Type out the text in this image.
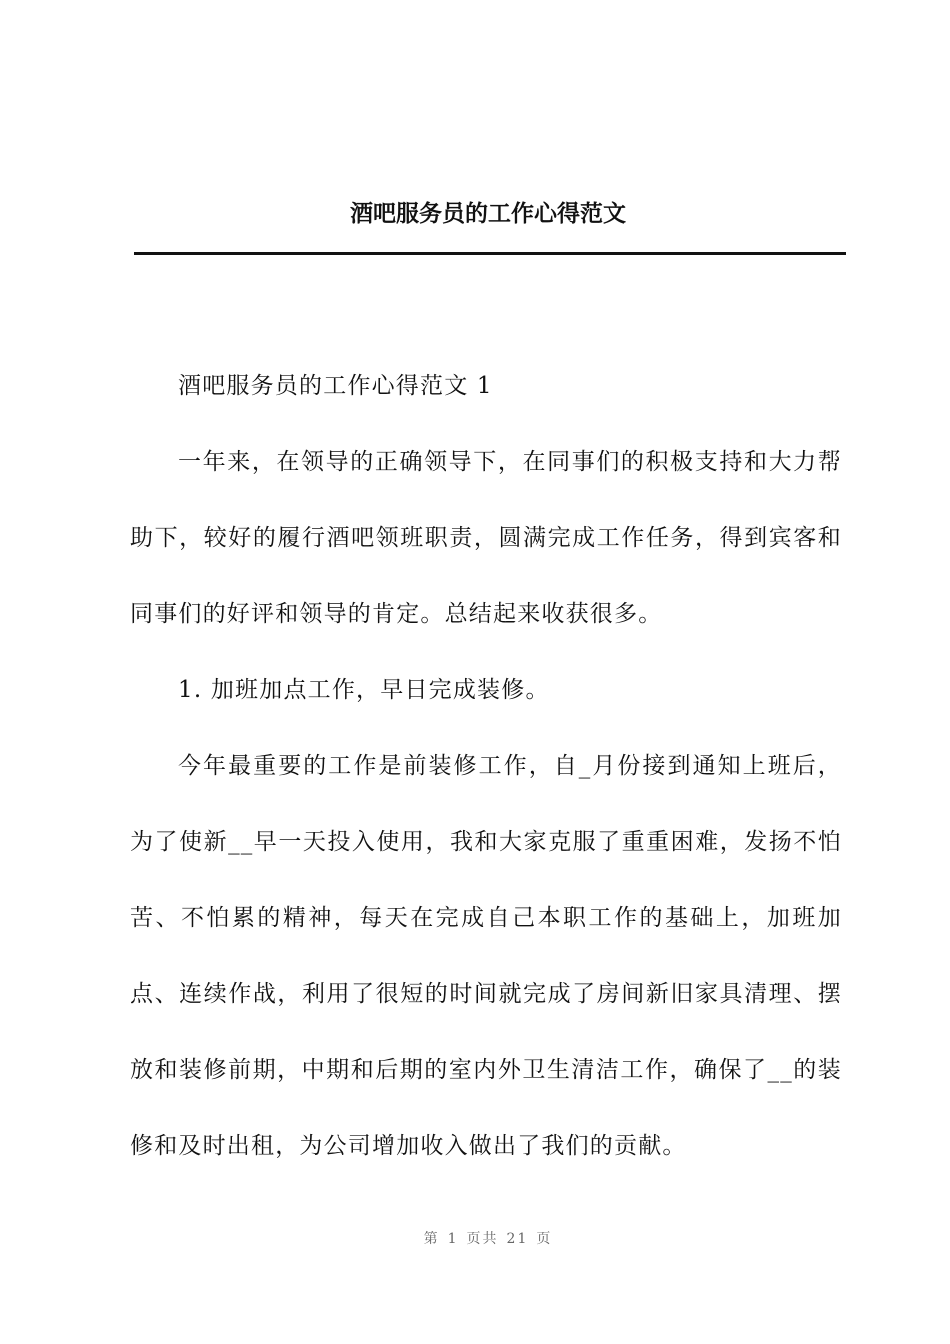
酒吧服务员的工作心得范文

酒吧服务员的工作心得范文 1

一年来，在领导的正确领导下，在同事们的积极支持和大力帮助下，较好的履行酒吧领班职责，圆满完成工作任务，得到宾客和同事们的好评和领导的肯定。总结起来收获很多。

1. 加班加点工作，早日完成装修。

今年最重要的工作是前装修工作，自_月份接到通知上班后，为了使新__早一天投入使用，我和大家克服了重重困难，发扬不怕苦、不怕累的精神，每天在完成自己本职工作的基础上，加班加点、连续作战，利用了很短的时间就完成了房间新旧家具清理、摆放和装修前期，中期和后期的室内外卫生清洁工作，确保了__的装修和及时出租，为公司增加收入做出了我们的贡献。

第 1 页共 21 页
